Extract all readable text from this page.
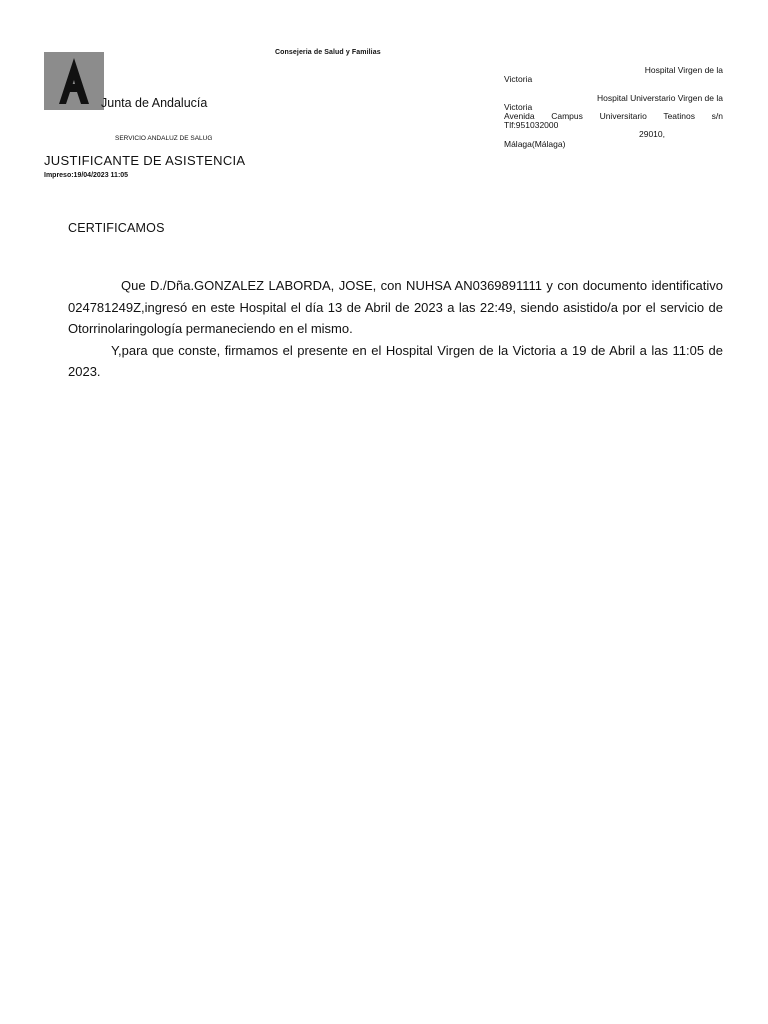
Consejeria de Salud y Familias
Junta de Andalucía
SERVICIO ANDALUZ DE SALUG
Hospital Virgen de la
Victoria
Hospital Universtario Virgen de la
Victoria
Avenida Campus Universitario Teatinos s/n
Tlf:951032000
29010,
Málaga(Málaga)
JUSTIFICANTE DE ASISTENCIA
Impreso:19/04/2023 11:05
CERTIFICAMOS

Que D./Dña.GONZALEZ LABORDA, JOSE, con NUHSA AN0369891111 y con documento identificativo 024781249Z,ingresó en este Hospital el día 13 de Abril de 2023 a las 22:49, siendo asistido/a por el servicio de Otorrinolaringología permaneciendo en el mismo.

Y,para que conste, firmamos el presente en el Hospital Virgen de la Victoria a 19 de Abril a las 11:05 de 2023.
